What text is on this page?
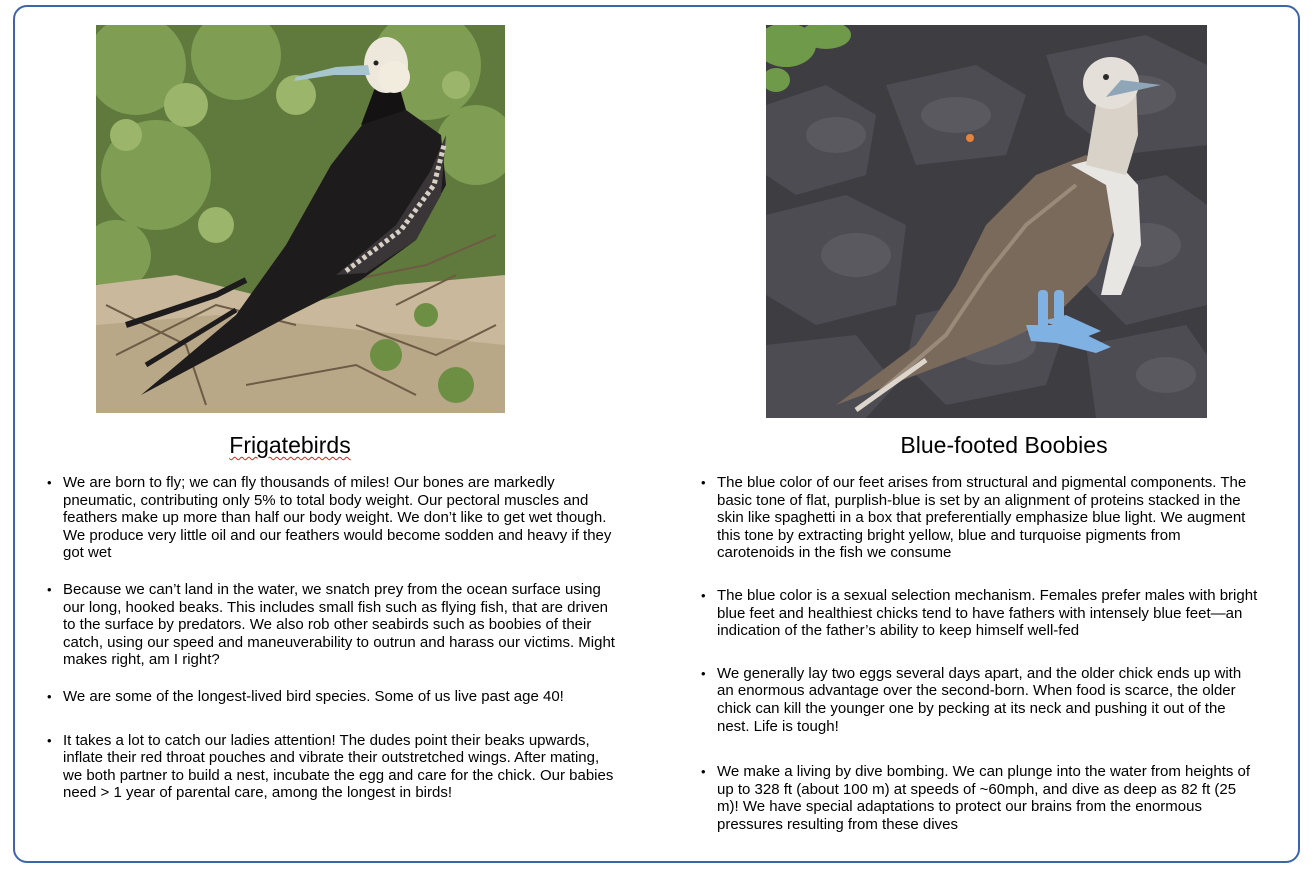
Frigatebirds	Blue-footed Boobies
• We are born to fly; we can fly thousands of miles! Our bones are markedly pneumatic, contributing only 5% to total body weight. Our pectoral muscles and feathers make up more than half our body weight. We don’t like to get wet though. We produce very little oil and our feathers would become sodden and heavy if they got wet
• Because we can’t land in the water, we snatch prey from the ocean surface using our long, hooked beaks. This includes small fish such as flying fish, that are driven to the surface by predators. We also rob other seabirds such as boobies of their catch, using our speed and maneuverability to outrun and harass our victims. Might makes right, am I right?
• We are some of the longest-lived bird species. Some of us live past age 40!
• It takes a lot to catch our ladies attention! The dudes point their beaks upwards, inflate their red throat pouches and vibrate their outstretched wings. After mating, we both partner to build a nest, incubate the egg and care for the chick. Our babies need > 1 year of parental care, among the longest in birds!
• The blue color of our feet arises from structural and pigmental components. The basic tone of flat, purplish-blue is set by an alignment of proteins stacked in the skin like spaghetti in a box that preferentially emphasize blue light. We augment this tone by extracting bright yellow, blue and turquoise pigments from carotenoids in the fish we consume
• The blue color is a sexual selection mechanism. Females prefer males with bright blue feet and healthiest chicks tend to have fathers with intensely blue feet—an indication of the father’s ability to keep himself well-fed
• We generally lay two eggs several days apart, and the older chick ends up with an enormous advantage over the second-born. When food is scarce, the older chick can kill the younger one by pecking at its neck and pushing it out of the nest. Life is tough!
• We make a living by dive bombing. We can plunge into the water from heights of up to 328 ft (about 100 m) at speeds of ~60mph, and dive as deep as 82 ft (25 m)! We have special adaptations to protect our brains from the enormous pressures resulting from these dives
